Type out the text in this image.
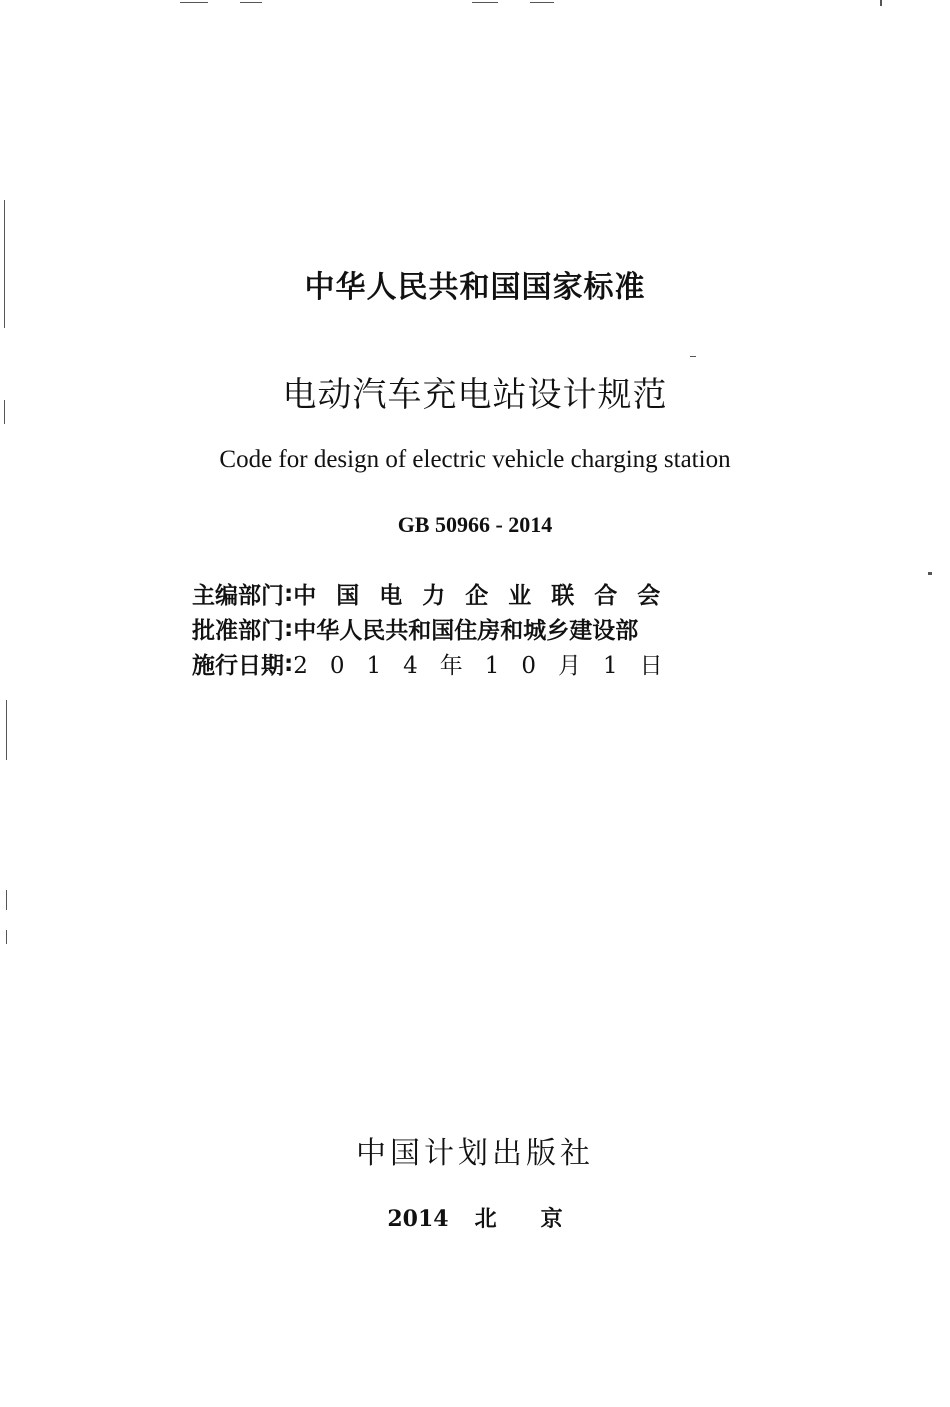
中华人民共和国国家标准
电动汽车充电站设计规范
Code for design of electric vehicle charging station
GB 50966 - 2014
主编部门 : 中国电力企业联合会
批准部门 : 中华人民共和国住房和城乡建设部
施行日期 : 2014年10月1日
中国计划出版社
2014 北 京
